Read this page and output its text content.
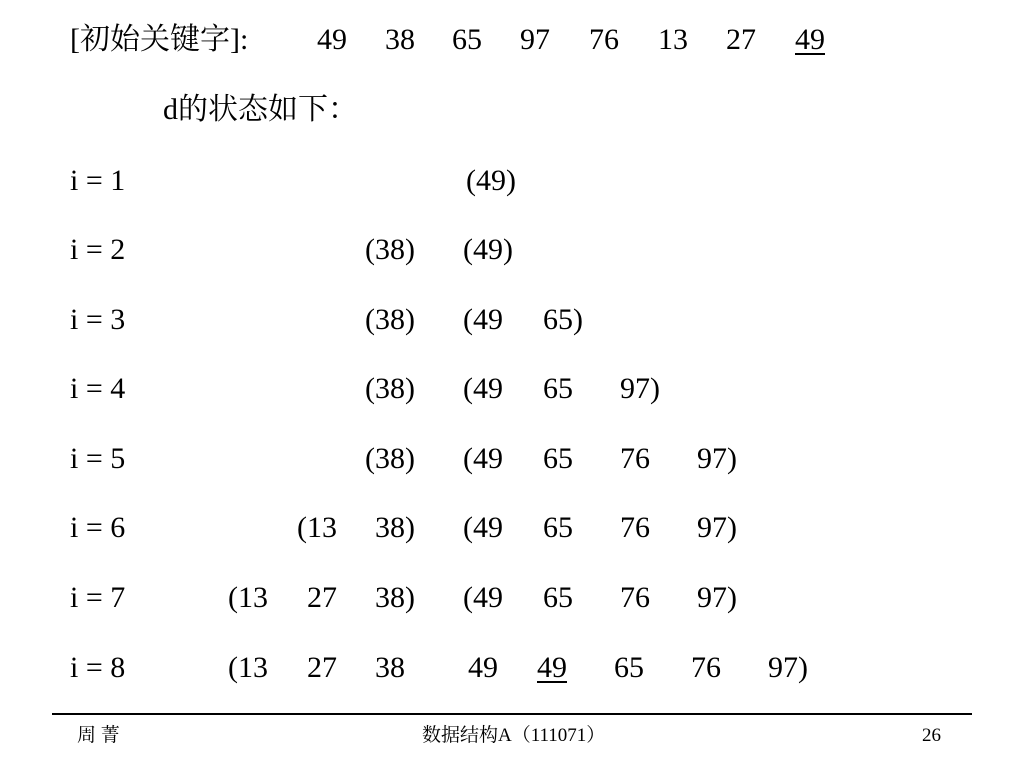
[初始关键字]: 49 38 65 97 76 13 27 49
d的状态如下：
i = 1	(49)
i = 2	(38) (49)
i = 3	(38) (49 65)
i = 4	(38) (49 65 97)
i = 5	(38) (49 65 76 97)
i = 6	(13 38) (49 65 76 97)
i = 7	(13 27 38) (49 65 76 97)
i = 8	(13 27 38 49 49 65 76 97)
周 菁	数据结构A（111071）	26
